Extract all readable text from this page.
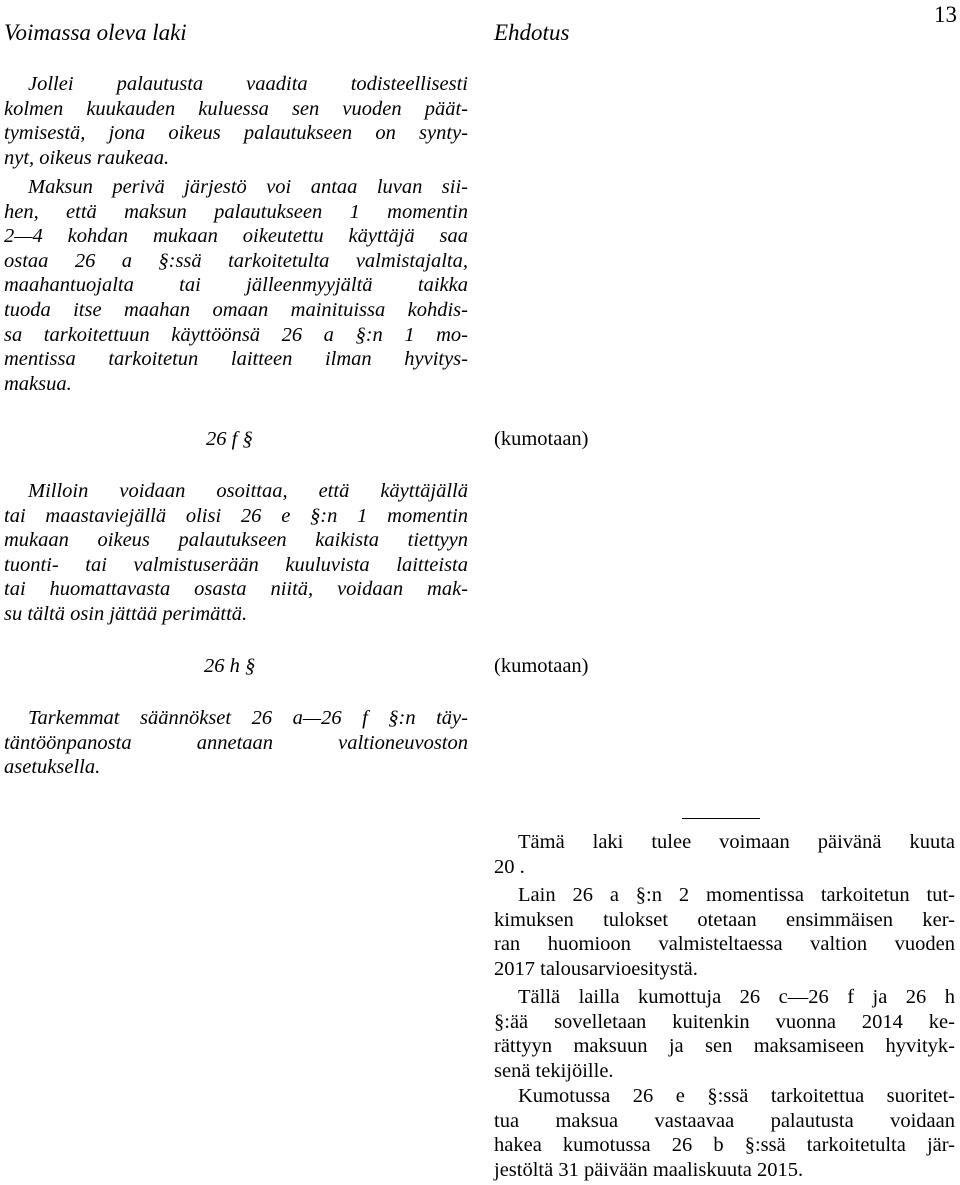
13
Voimassa oleva laki	Ehdotus
Jollei palautusta vaadita todisteellisesti
kolmen kuukauden kuluessa sen vuoden päät-
tymisestä, jona oikeus palautukseen on synty-
nyt, oikeus raukeaa.
Maksun perivä järjestö voi antaa luvan sii-
hen, että maksun palautukseen 1 momentin
2—4 kohdan mukaan oikeutettu käyttäjä saa
ostaa 26 a §:ssä tarkoitetulta valmistajalta,
maahantuojalta tai jälleenmyyjältä taikka
tuoda itse maahan omaan mainituissa kohdis-
sa tarkoitettuun käyttöönsä 26 a §:n 1 mo-
mentissa tarkoitetun laitteen ilman hyvitys-
maksua.
26 f §
Milloin voidaan osoittaa, että käyttäjällä
tai maastaviejällä olisi 26 e §:n 1 momentin
mukaan oikeus palautukseen kaikista tiettyyn
tuonti- tai valmistuserään kuuluvista laitteista
tai huomattavasta osasta niitä, voidaan mak-
su tältä osin jättää perimättä.
26 h §
Tarkemmat säännökset 26 a—26 f §:n täy-
täntöönpanosta annetaan valtioneuvoston
asetuksella.
(kumotaan)
(kumotaan)
Tämä laki tulee voimaan päivänä kuuta
20 .
Lain 26 a §:n 2 momentissa tarkoitetun tut-
kimuksen tulokset otetaan ensimmäisen ker-
ran huomioon valmisteltaessa valtion vuoden
2017 talousarvioesitystä.
Tällä lailla kumottuja 26 c—26 f ja 26 h
§:ää sovelletaan kuitenkin vuonna 2014 ke-
rättyyn maksuun ja sen maksamiseen hyvityk-
senä tekijöille.
Kumotussa 26 e §:ssä tarkoitettua suoritet-
tua maksua vastaavaa palautusta voidaan
hakea kumotussa 26 b §:ssä tarkoitetulta jär-
jestöltä 31 päivään maaliskuuta 2015.
